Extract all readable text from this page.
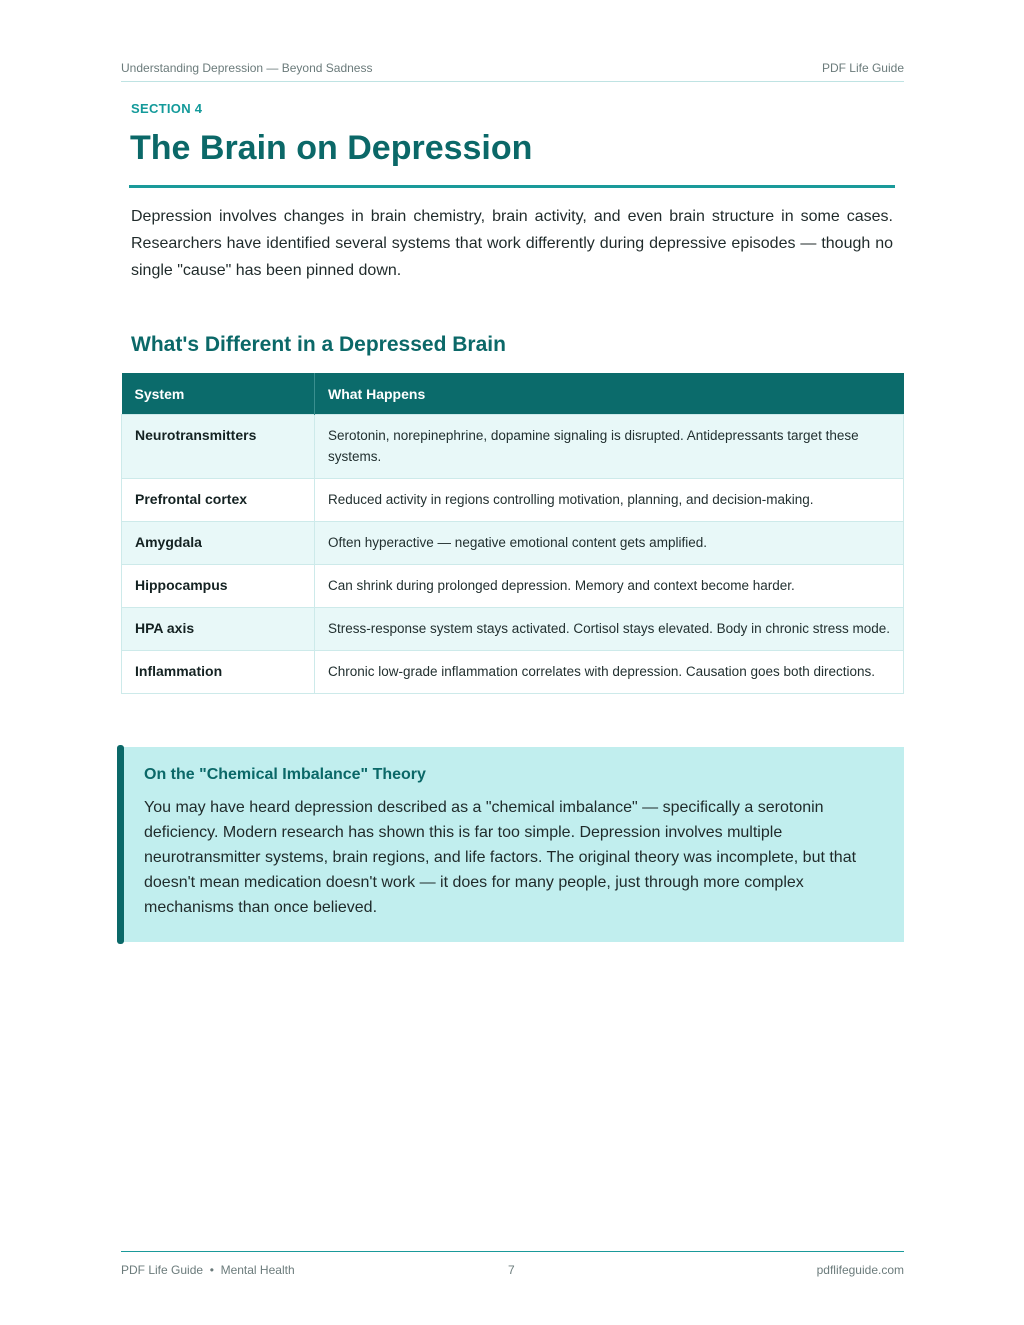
Understanding Depression — Beyond Sadness	PDF Life Guide
SECTION 4
The Brain on Depression

Depression involves changes in brain chemistry, brain activity, and even brain structure in some cases. Researchers have identified several systems that work differently during depressive episodes — though no single "cause" has been pinned down.

What's Different in a Depressed Brain
System	What Happens
Neurotransmitters	Serotonin, norepinephrine, dopamine signaling is disrupted. Antidepressants target these systems.
Prefrontal cortex	Reduced activity in regions controlling motivation, planning, and decision-making.
Amygdala	Often hyperactive — negative emotional content gets amplified.
Hippocampus	Can shrink during prolonged depression. Memory and context become harder.
HPA axis	Stress-response system stays activated. Cortisol stays elevated. Body in chronic stress mode.
Inflammation	Chronic low-grade inflammation correlates with depression. Causation goes both directions.
On the "Chemical Imbalance" Theory

You may have heard depression described as a "chemical imbalance" — specifically a serotonin deficiency. Modern research has shown this is far too simple. Depression involves multiple neurotransmitter systems, brain regions, and life factors. The original theory was incomplete, but that doesn't mean medication doesn't work — it does for many people, just through more complex mechanisms than once believed.

PDF Life Guide  •  Mental Health	7	pdflifeguide.com
